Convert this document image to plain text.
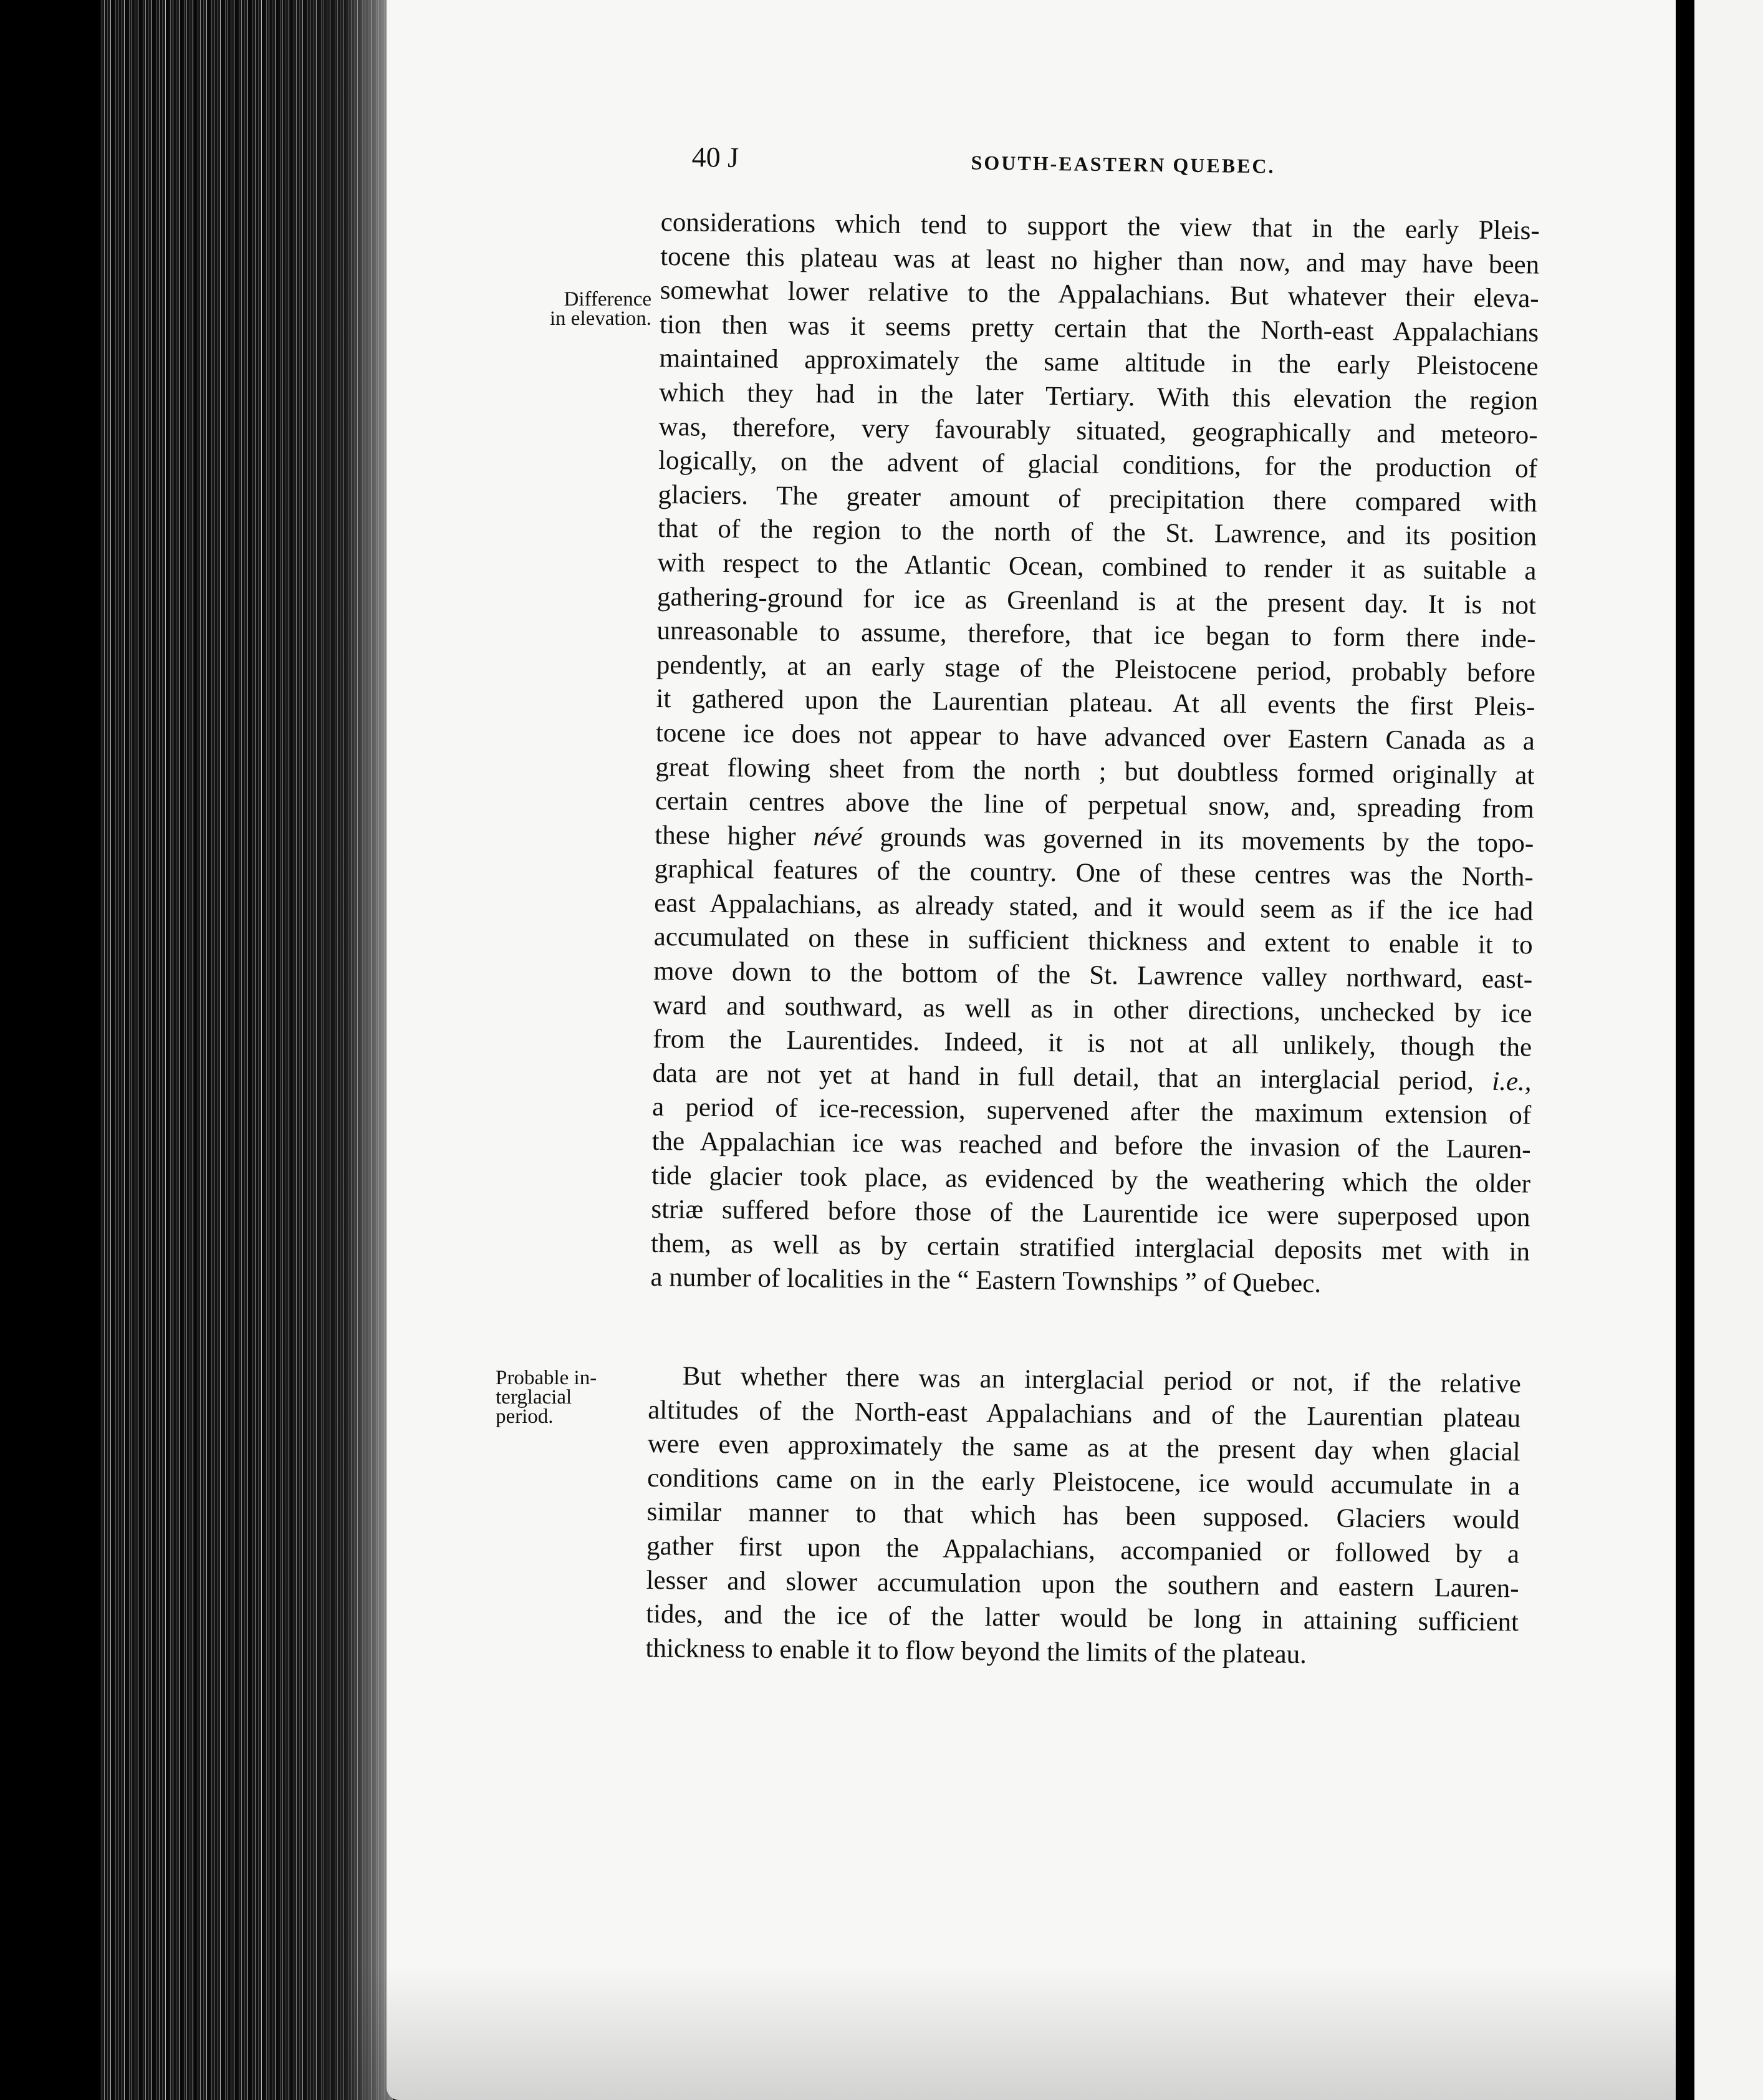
40 J	SOUTH-EASTERN QUEBEC.
Difference
in elevation.
Probable in-
terglacial
period.
considerations which tend to support the view that in the early Pleis-
tocene this plateau was at least no higher than now, and may have been
somewhat lower relative to the Appalachians. But whatever their eleva-
tion then was it seems pretty certain that the North-east Appalachians
maintained approximately the same altitude in the early Pleistocene
which they had in the later Tertiary. With this elevation the region
was, therefore, very favourably situated, geographically and meteoro-
logically, on the advent of glacial conditions, for the production of
glaciers. The greater amount of precipitation there compared with
that of the region to the north of the St. Lawrence, and its position
with respect to the Atlantic Ocean, combined to render it as suitable a
gathering-ground for ice as Greenland is at the present day. It is not
unreasonable to assume, therefore, that ice began to form there inde-
pendently, at an early stage of the Pleistocene period, probably before
it gathered upon the Laurentian plateau. At all events the first Pleis-
tocene ice does not appear to have advanced over Eastern Canada as a
great flowing sheet from the north ; but doubtless formed originally at
certain centres above the line of perpetual snow, and, spreading from
these higher névé grounds was governed in its movements by the topo-
graphical features of the country. One of these centres was the North-
east Appalachians, as already stated, and it would seem as if the ice had
accumulated on these in sufficient thickness and extent to enable it to
move down to the bottom of the St. Lawrence valley northward, east-
ward and southward, as well as in other directions, unchecked by ice
from the Laurentides. Indeed, it is not at all unlikely, though the
data are not yet at hand in full detail, that an interglacial period, i.e.,
a period of ice-recession, supervened after the maximum extension of
the Appalachian ice was reached and before the invasion of the Lauren-
tide glacier took place, as evidenced by the weathering which the older
striæ suffered before those of the Laurentide ice were superposed upon
them, as well as by certain stratified interglacial deposits met with in
a number of localities in the “ Eastern Townships ” of Quebec.
But whether there was an interglacial period or not, if the relative
altitudes of the North-east Appalachians and of the Laurentian plateau
were even approximately the same as at the present day when glacial
conditions came on in the early Pleistocene, ice would accumulate in a
similar manner to that which has been supposed. Glaciers would
gather first upon the Appalachians, accompanied or followed by a
lesser and slower accumulation upon the southern and eastern Lauren-
tides, and the ice of the latter would be long in attaining sufficient
thickness to enable it to flow beyond the limits of the plateau.
